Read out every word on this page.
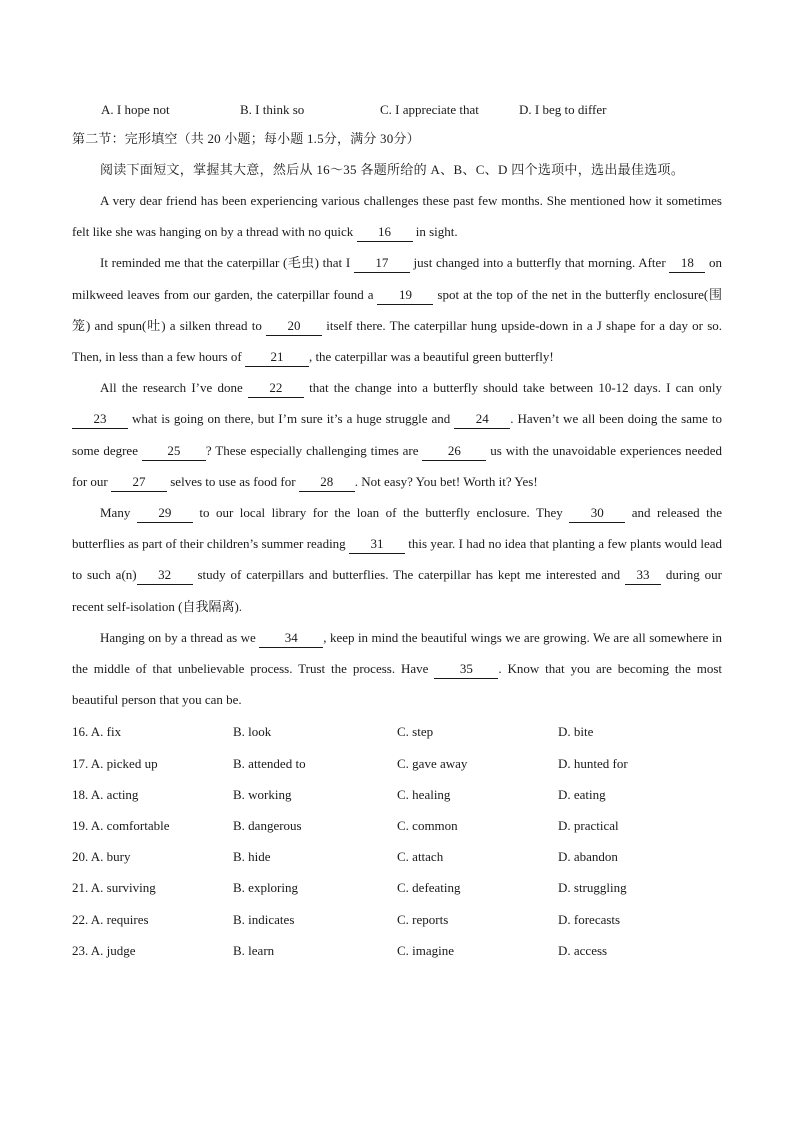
A. I hope not	B. I think so	C. I appreciate that	D. I beg to differ
第二节：完形填空（共 20 小题；每小题 1.5分，满分 30分）
阅读下面短文，掌握其大意，然后从 16～35 各题所给的 A、B、C、D 四个选项中，选出最佳选项。

A very dear friend has been experiencing various challenges these past few months. She mentioned how it sometimes felt like she was hanging on by a thread with no quick 16 in sight.

It reminded me that the caterpillar (毛虫) that I 17 just changed into a butterfly that morning. After 18 on milkweed leaves from our garden, the caterpillar found a 19 spot at the top of the net in the butterfly enclosure(围笼) and spun(吐) a silken thread to 20 itself there. The caterpillar hung upside-down in a J shape for a day or so. Then, in less than a few hours of 21 , the caterpillar was a beautiful green butterfly!

All the research I’ve done 22 that the change into a butterfly should take between 10-12 days. I can only 23 what is going on there, but I’m sure it’s a huge struggle and 24 . Haven’t we all been doing the same to some degree 25 ? These especially challenging times are 26 us with the unavoidable experiences needed for our 27 selves to use as food for 28 . Not easy? You bet! Worth it? Yes!

Many 29 to our local library for the loan of the butterfly enclosure. They 30 and released the butterflies as part of their children’s summer reading 31 this year. I had no idea that planting a few plants would lead to such a(n) 32 study of caterpillars and butterflies. The caterpillar has kept me interested and 33 during our recent self-isolation (自我隔离).

Hanging on by a thread as we 34 , keep in mind the beautiful wings we are growing. We are all somewhere in the middle of that unbelievable process. Trust the process. Have 35 . Know that you are becoming the most beautiful person that you can be.

16. A. fix	B. look	C. step	D. bite
17. A. picked up	B. attended to	C. gave away	D. hunted for
18. A. acting	B. working	C. healing	D. eating
19. A. comfortable	B. dangerous	C. common	D. practical
20. A. bury	B. hide	C. attach	D. abandon
21. A. surviving	B. exploring	C. defeating	D. struggling
22. A. requires	B. indicates	C. reports	D. forecasts
23. A. judge	B. learn	C. imagine	D. access
